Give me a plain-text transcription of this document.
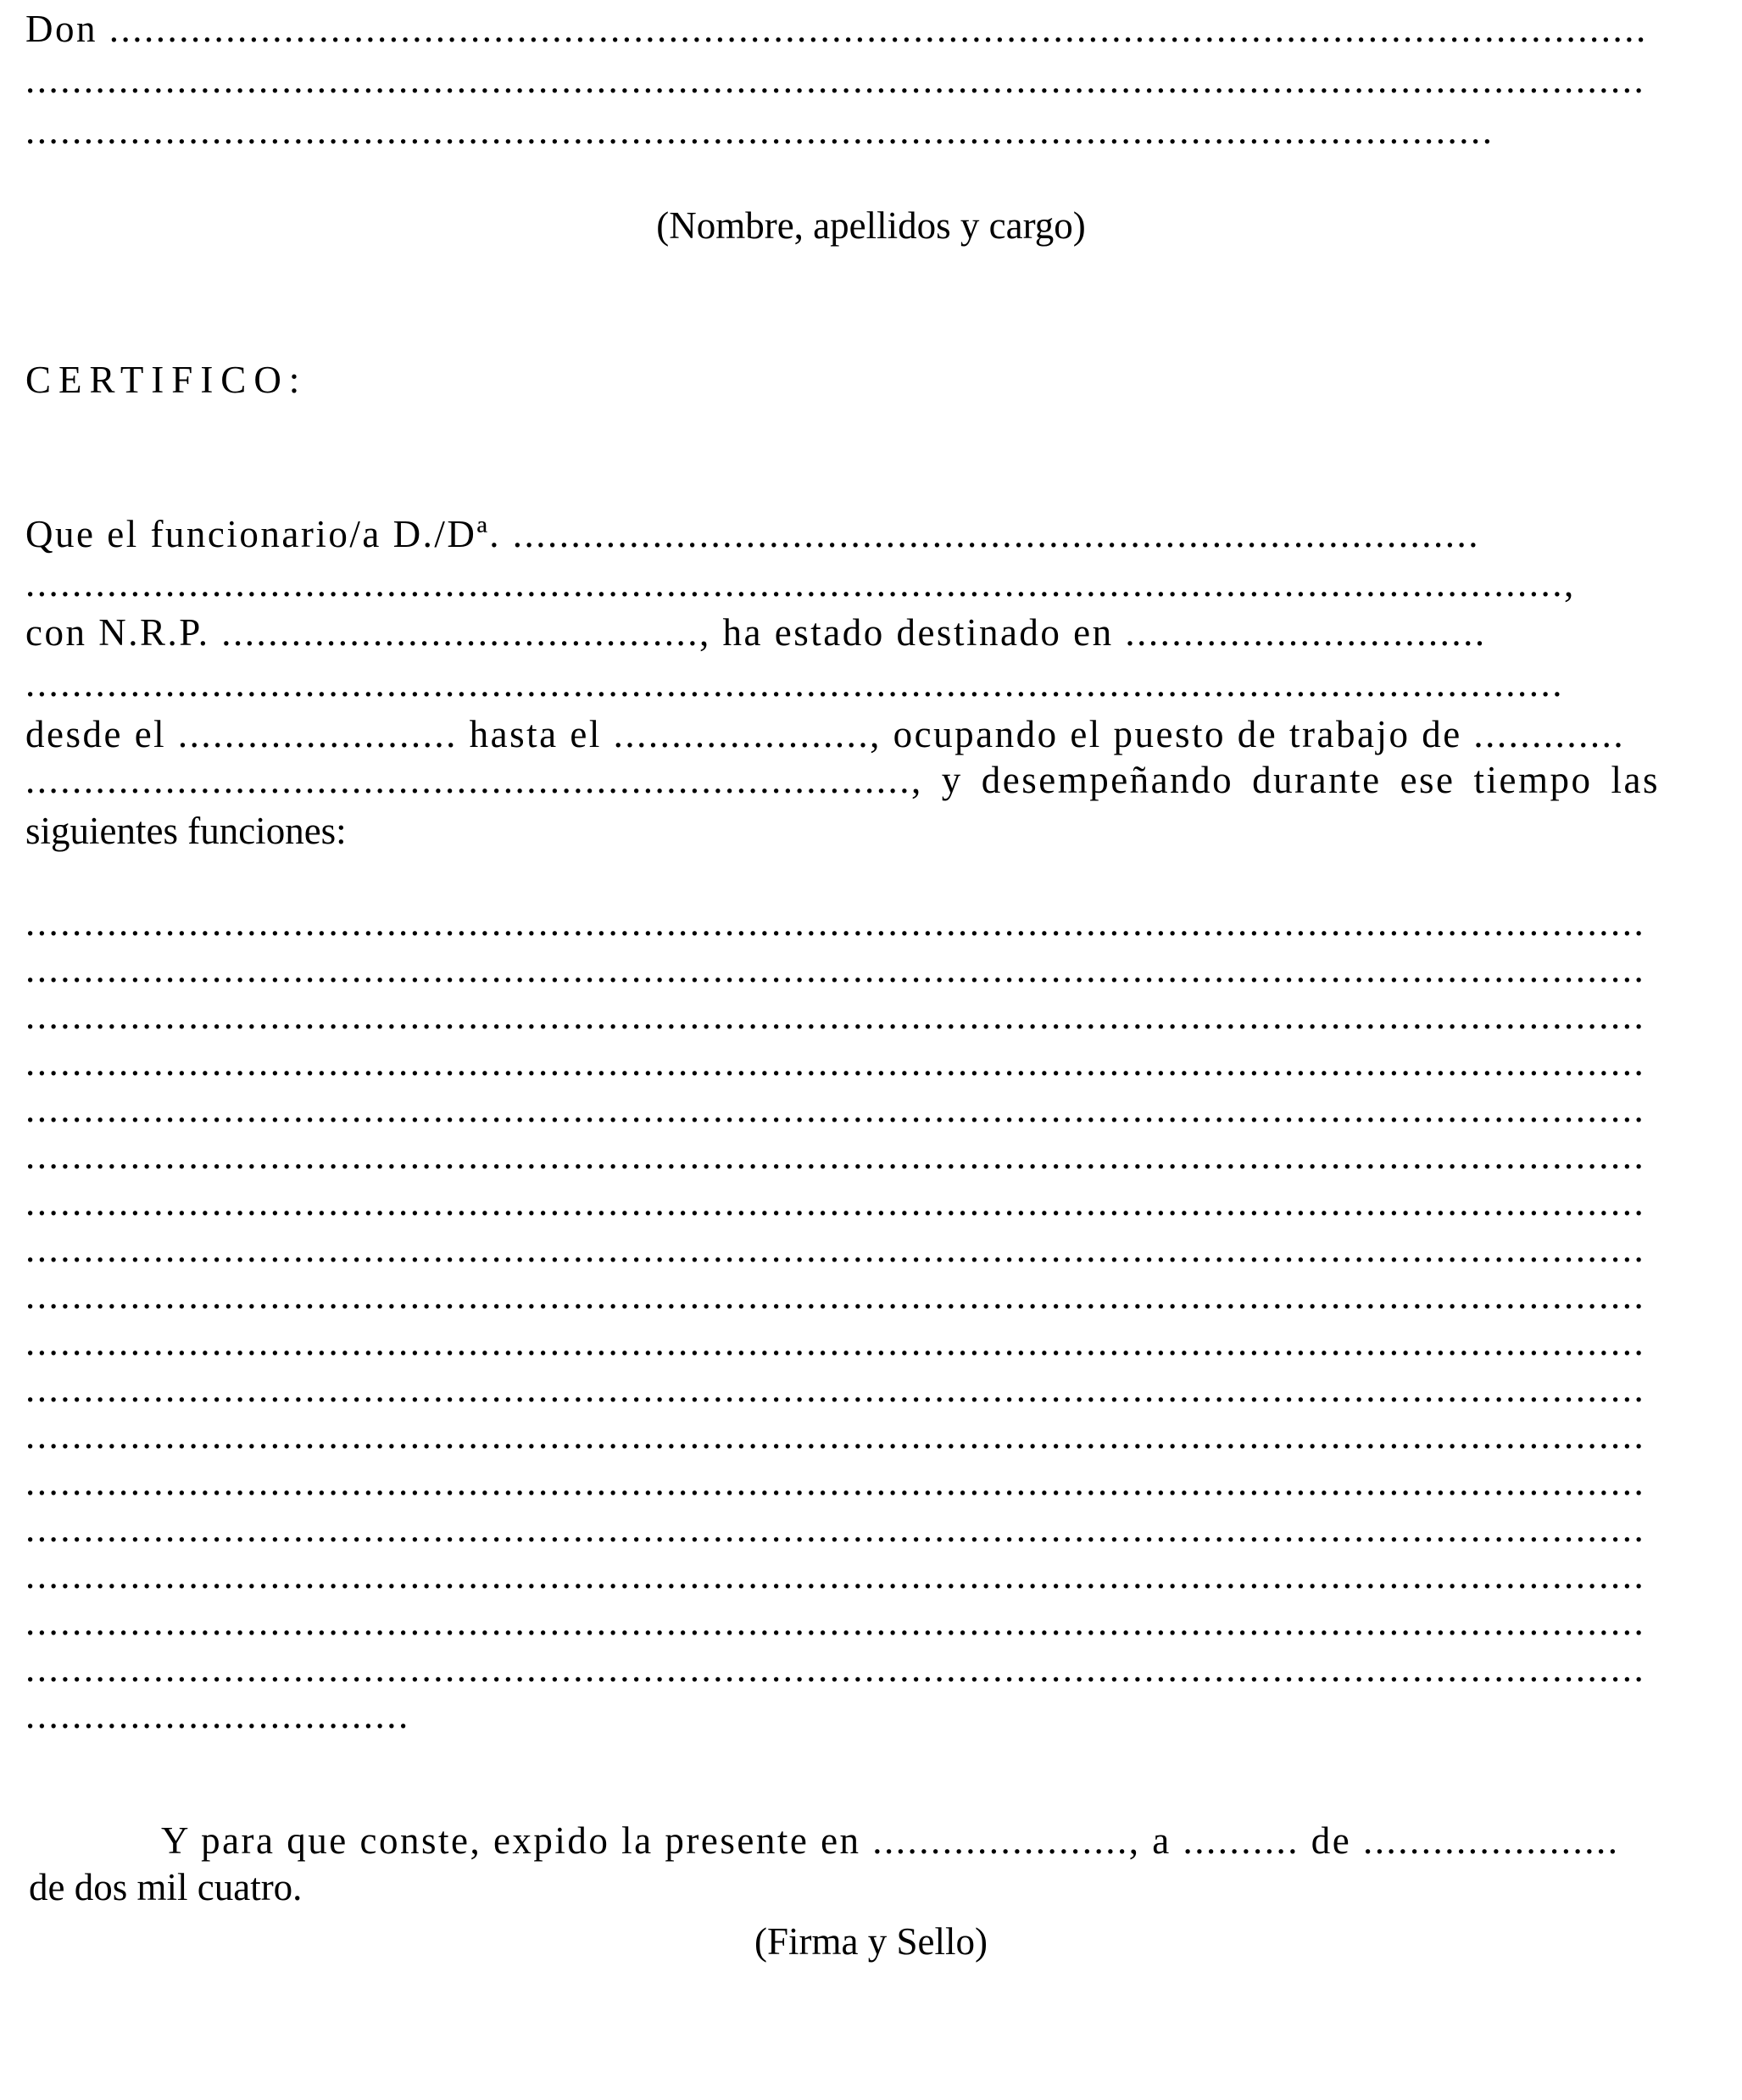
Don ....................................................................................................................................
...........................................................................................................................................
..............................................................................................................................
(Nombre, apellidos y cargo)
CERTIFICO:
Que el funcionario/a D./Dª. ...................................................................................
....................................................................................................................................,
con N.R.P. ........................................., ha estado destinado en ...............................
....................................................................................................................................
desde el ........................ hasta el ......................, ocupando el puesto de trabajo de .............
............................................................................, y desempeñando durante ese tiempo las
siguientes funciones:
...........................................................................................................................................
...........................................................................................................................................
...........................................................................................................................................
...........................................................................................................................................
...........................................................................................................................................
...........................................................................................................................................
...........................................................................................................................................
...........................................................................................................................................
...........................................................................................................................................
...........................................................................................................................................
...........................................................................................................................................
...........................................................................................................................................
...........................................................................................................................................
...........................................................................................................................................
...........................................................................................................................................
...........................................................................................................................................
...........................................................................................................................................
.................................
Y para que conste, expido la presente en ......................, a .......... de ......................
de dos mil cuatro.
(Firma y Sello)
